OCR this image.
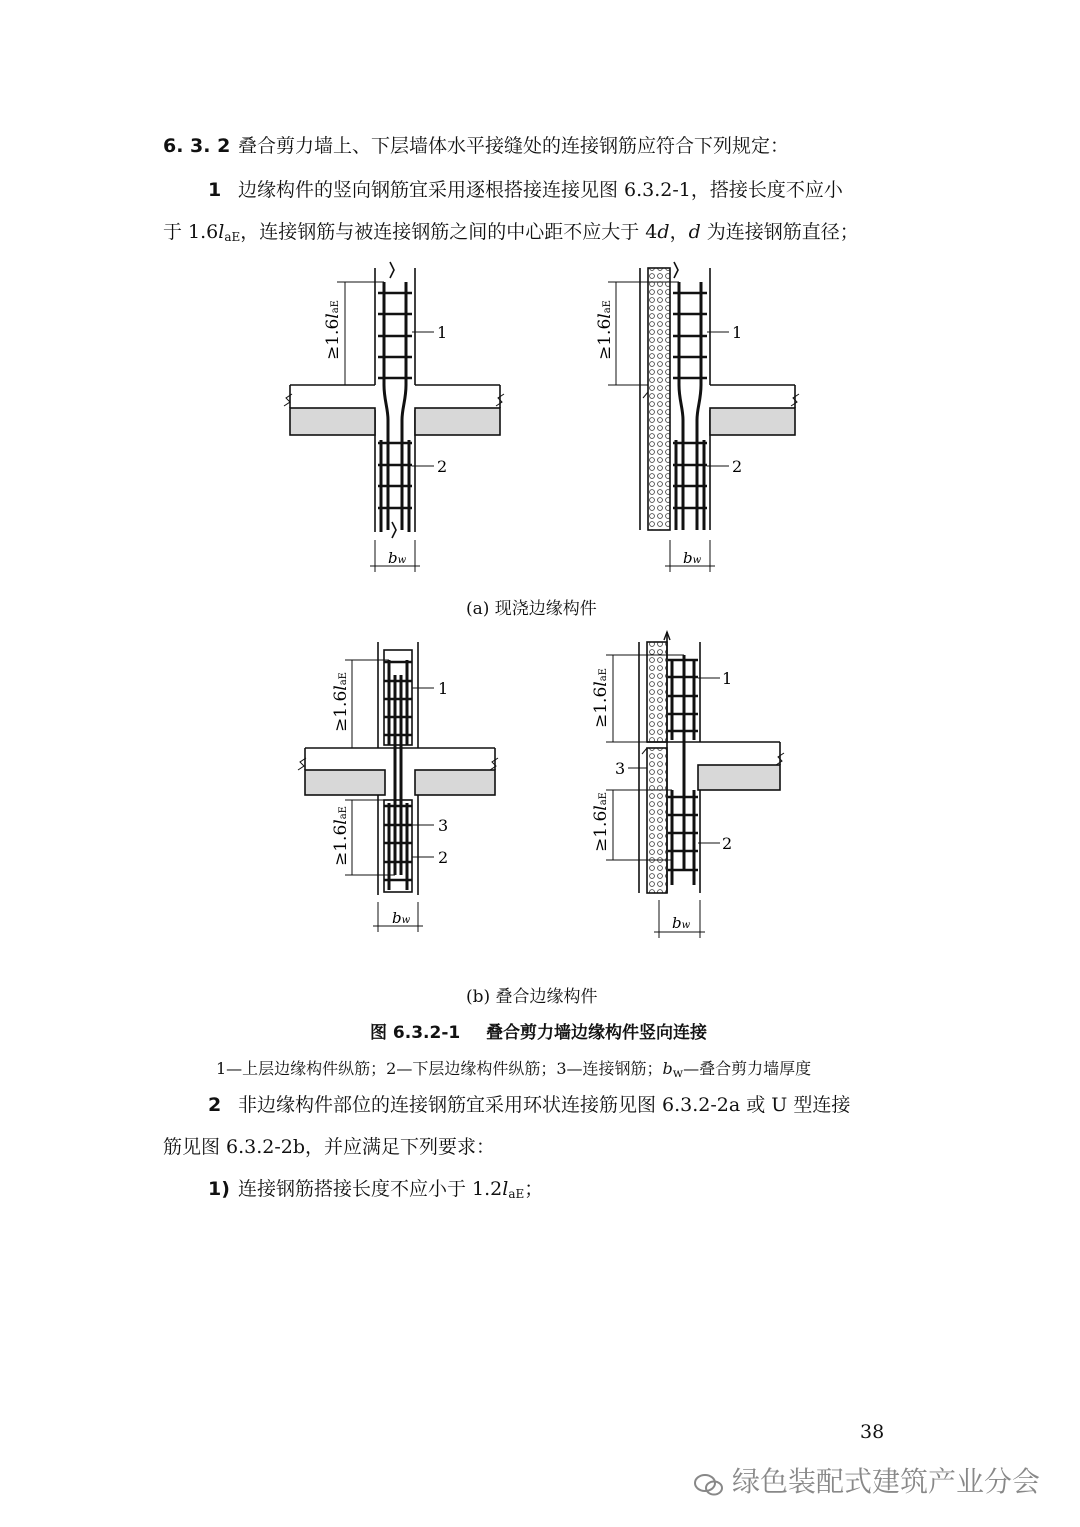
6. 3. 2 叠合剪力墙上、下层墙体水平接缝处的连接钢筋应符合下列规定：
1 边缘构件的竖向钢筋宜采用逐根搭接连接见图 6.3.2-1，搭接长度不应小
于 $1.6l_{aE}$，连接钢筋与被连接钢筋之间的中心距不应大于 4d，d 为连接钢筋直径；
≥1.6laE
1
2
bw
≥1.6laE
1
2
bw
≥1.6laE
≥1.6laE
1
3
2
bw
≥1.6laE
≥1.6laE
1
3
2
bw
(a) 现浇边缘构件
(b) 叠合边缘构件
图 6.3.2-1 叠合剪力墙边缘构件竖向连接
1—上层边缘构件纵筋；2—下层边缘构件纵筋；3—连接钢筋；$b_w—$叠合剪力墙厚度
2 非边缘构件部位的连接钢筋宜采用环状连接筋见图 6.3.2-2a 或 U 型连接
筋见图 6.3.2-2b，并应满足下列要求：
1) 连接钢筋搭接长度不应小于 $1.2l_{aE}$；
38
绿色装配式建筑产业分会
